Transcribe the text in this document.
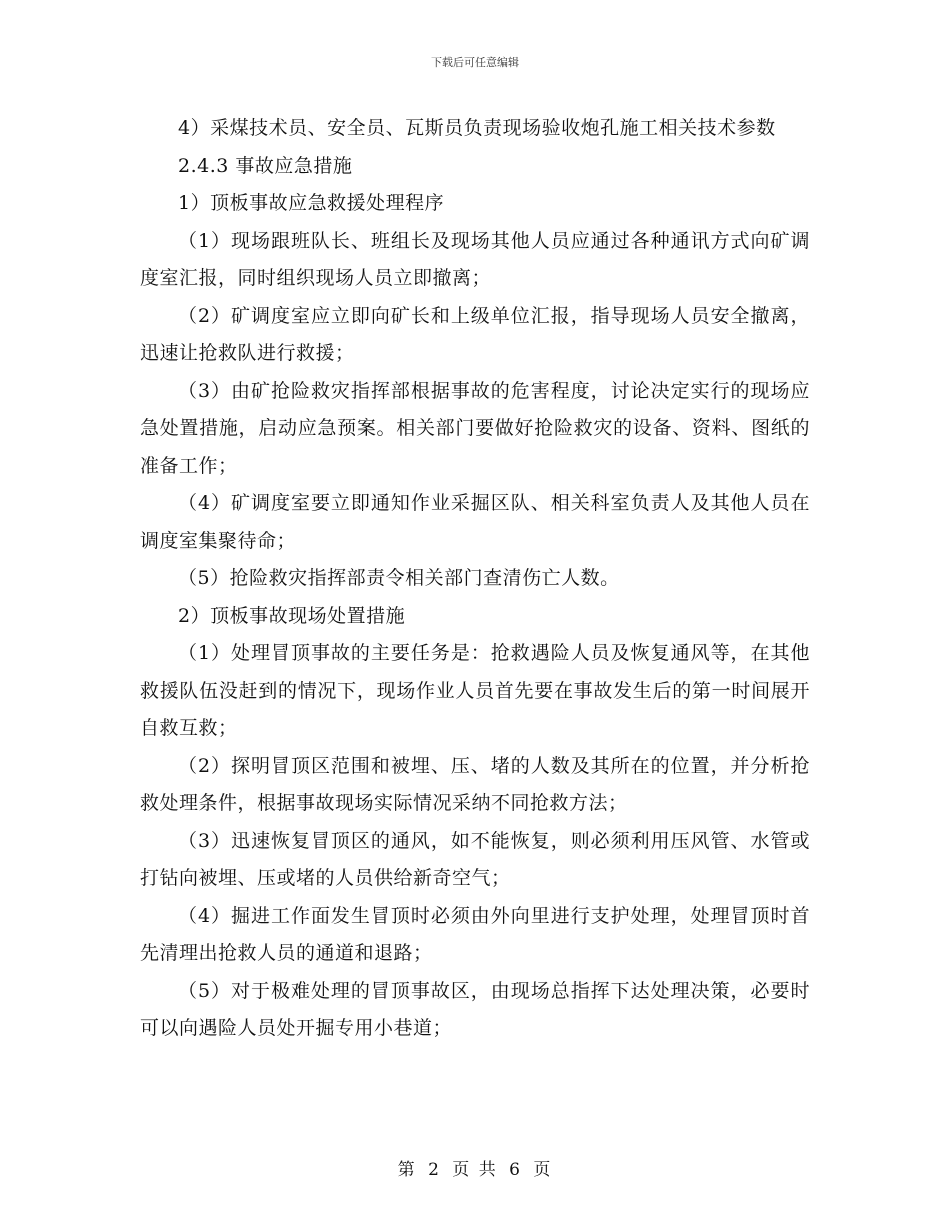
下载后可任意编辑

4）采煤技术员、安全员、瓦斯员负责现场验收炮孔施工相关技术参数

2.4.3 事故应急措施

1）顶板事故应急救援处理程序

（1）现场跟班队长、班组长及现场其他人员应通过各种通讯方式向矿调度室汇报，同时组织现场人员立即撤离；

（2）矿调度室应立即向矿长和上级单位汇报，指导现场人员安全撤离，迅速让抢救队进行救援；

（3）由矿抢险救灾指挥部根据事故的危害程度，讨论决定实行的现场应急处置措施，启动应急预案。相关部门要做好抢险救灾的设备、资料、图纸的准备工作；

（4）矿调度室要立即通知作业采掘区队、相关科室负责人及其他人员在调度室集聚待命；

（5）抢险救灾指挥部责令相关部门查清伤亡人数。

2）顶板事故现场处置措施

（1）处理冒顶事故的主要任务是：抢救遇险人员及恢复通风等，在其他救援队伍没赶到的情况下，现场作业人员首先要在事故发生后的第一时间展开自救互救；

（2）探明冒顶区范围和被埋、压、堵的人数及其所在的位置，并分析抢救处理条件，根据事故现场实际情况采纳不同抢救方法；

（3）迅速恢复冒顶区的通风，如不能恢复，则必须利用压风管、水管或打钻向被埋、压或堵的人员供给新奇空气；

（4）掘进工作面发生冒顶时必须由外向里进行支护处理，处理冒顶时首先清理出抢救人员的通道和退路；

（5）对于极难处理的冒顶事故区，由现场总指挥下达处理决策，必要时可以向遇险人员处开掘专用小巷道；

第 2 页 共 6 页
